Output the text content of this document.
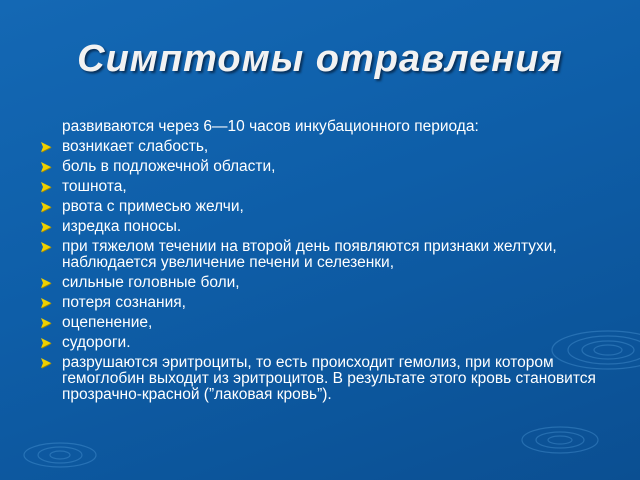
Симптомы отравления
развиваются через 6—10 часов инкубационного периода:
возникает слабость,
боль в подложечной области,
тошнота,
рвота с примесью желчи,
изредка поносы.
при тяжелом течении на второй день появляются признаки желтухи, наблюдается увеличение печени и селезенки,
сильные головные боли,
потеря сознания,
оцепенение,
судороги.
разрушаются эритроциты, то есть происходит гемолиз, при котором гемоглобин выходит из эритроцитов. В результате этого кровь становится прозрачно-красной (”лаковая кровь”).
